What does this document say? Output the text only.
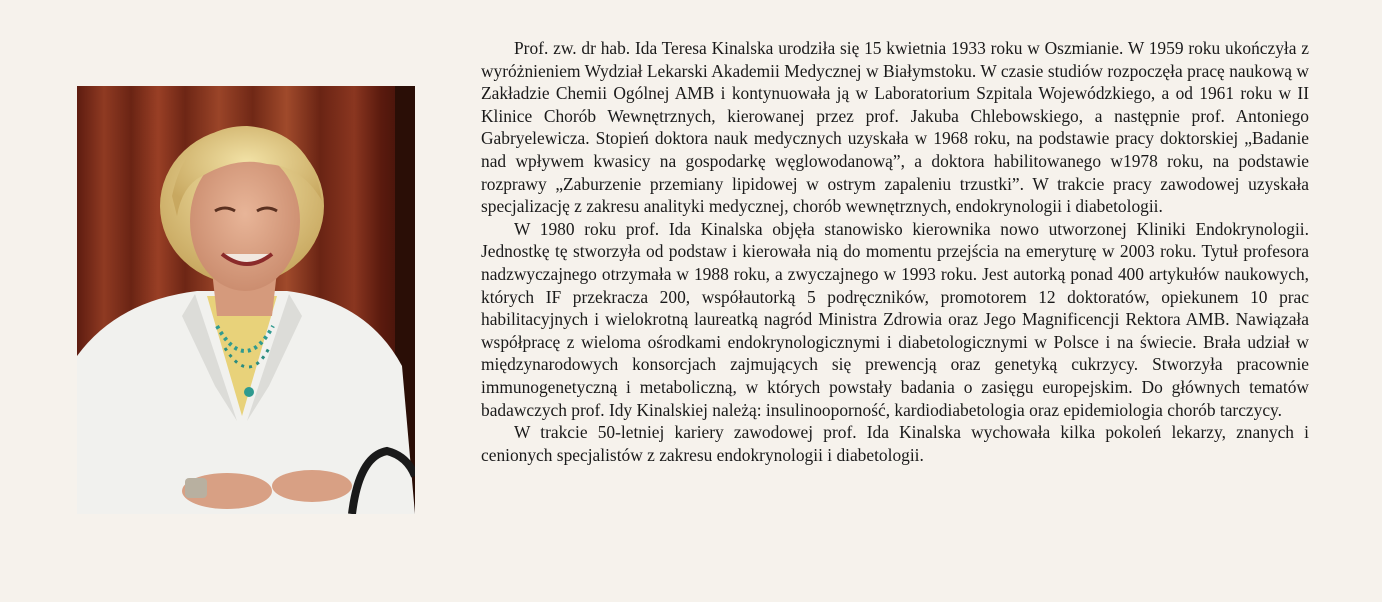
Prof. zw. dr hab. Ida Teresa Kinalska urodziła się 15 kwietnia 1933 roku w Oszmianie. W 1959 roku ukończyła z wyróżnieniem Wydział Lekarski Akademii Medycznej w Białymstoku. W czasie studiów rozpoczęła pracę naukową w Zakładzie Chemii Ogólnej AMB i kontynuowała ją w Laboratorium Szpitala Wojewódzkiego, a od 1961 roku w II Klinice Chorób Wewnętrznych, kierowanej przez prof. Jakuba Chlebowskiego, a następnie prof. Antoniego Gabryelewicza. Stopień doktora nauk medycznych uzyskała w 1968 roku, na podstawie pracy doktorskiej „Badanie nad wpływem kwasicy na gospodarkę węglowodanową”, a doktora habilitowanego w1978 roku, na podstawie rozprawy „Zaburzenie przemiany lipidowej w ostrym zapaleniu trzustki”. W trakcie pracy zawodowej uzyskała specjalizację z zakresu analityki medycznej, chorób wewnętrznych, endokrynologii i diabetologii.

W 1980 roku prof. Ida Kinalska objęła stanowisko kierownika nowo utworzonej Kliniki Endokrynologii. Jednostkę tę stworzyła od podstaw i kierowała nią do momentu przejścia na emeryturę w 2003 roku. Tytuł profesora nadzwyczajnego otrzymała w 1988 roku, a zwyczajnego w 1993 roku. Jest autorką ponad 400 artykułów naukowych, których IF przekracza 200, współautorką 5 podręczników, promotorem 12 doktoratów, opiekunem 10 prac habilitacyjnych i wielokrotną laureatką nagród Ministra Zdrowia oraz Jego Magnificencji Rektora AMB. Nawiązała współpracę z wieloma ośrodkami endokrynologicznymi i diabetologicznymi w Polsce i na świecie. Brała udział w międzynarodowych konsorcjach zajmujących się prewencją oraz genetyką cukrzycy. Stworzyła pracownie immunogenetyczną i metaboliczną, w których powstały badania o zasięgu europejskim. Do głównych tematów badawczych prof. Idy Kinalskiej należą: insulinooporność, kardiodiabetologia oraz epidemiologia chorób tarczycy.

W trakcie 50-letniej kariery zawodowej prof. Ida Kinalska wychowała kilka pokoleń lekarzy, znanych i cenionych specjalistów z zakresu endokrynologii i diabetologii.
